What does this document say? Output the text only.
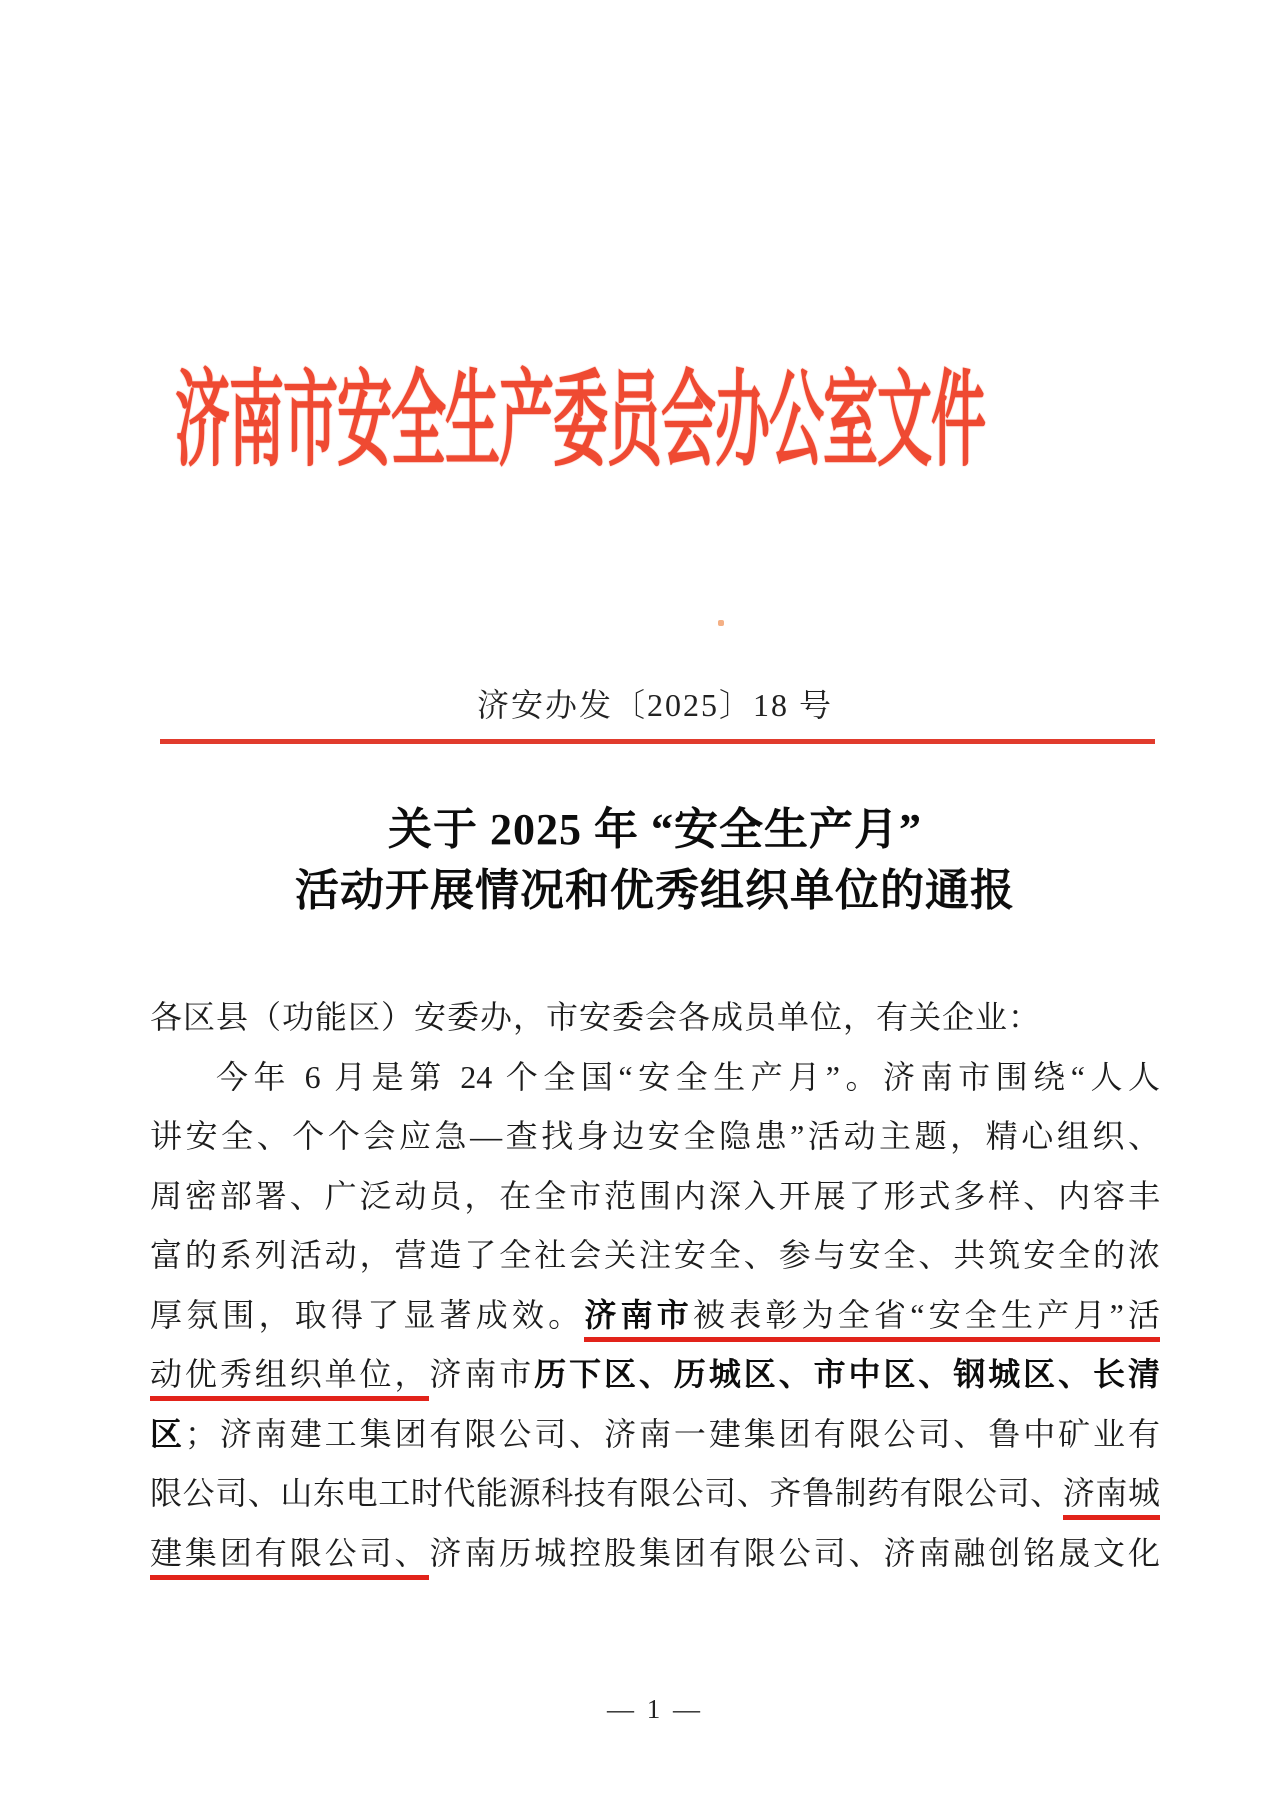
济南市安全生产委员会办公室文件
济安办发〔2025〕18 号
关于 2025 年 “安全生产月”
活动开展情况和优秀组织单位的通报
各区县（功能区）安委办，市安委会各成员单位，有关企业：
今年 6 月是第 24 个全国“安全生产月”。济南市围绕“人人
讲安全、个个会应急—查找身边安全隐患”活动主题，精心组织、
周密部署、广泛动员，在全市范围内深入开展了形式多样、内容丰
富的系列活动，营造了全社会关注安全、参与安全、共筑安全的浓
厚氛围，取得了显著成效。济南市被表彰为全省“安全生产月”活
动优秀组织单位，济南市历下区、历城区、市中区、钢城区、长清
区；济南建工集团有限公司、济南一建集团有限公司、鲁中矿业有
限公司、山东电工时代能源科技有限公司、齐鲁制药有限公司、济南城
建集团有限公司、济南历城控股集团有限公司、济南融创铭晟文化
— 1 —
